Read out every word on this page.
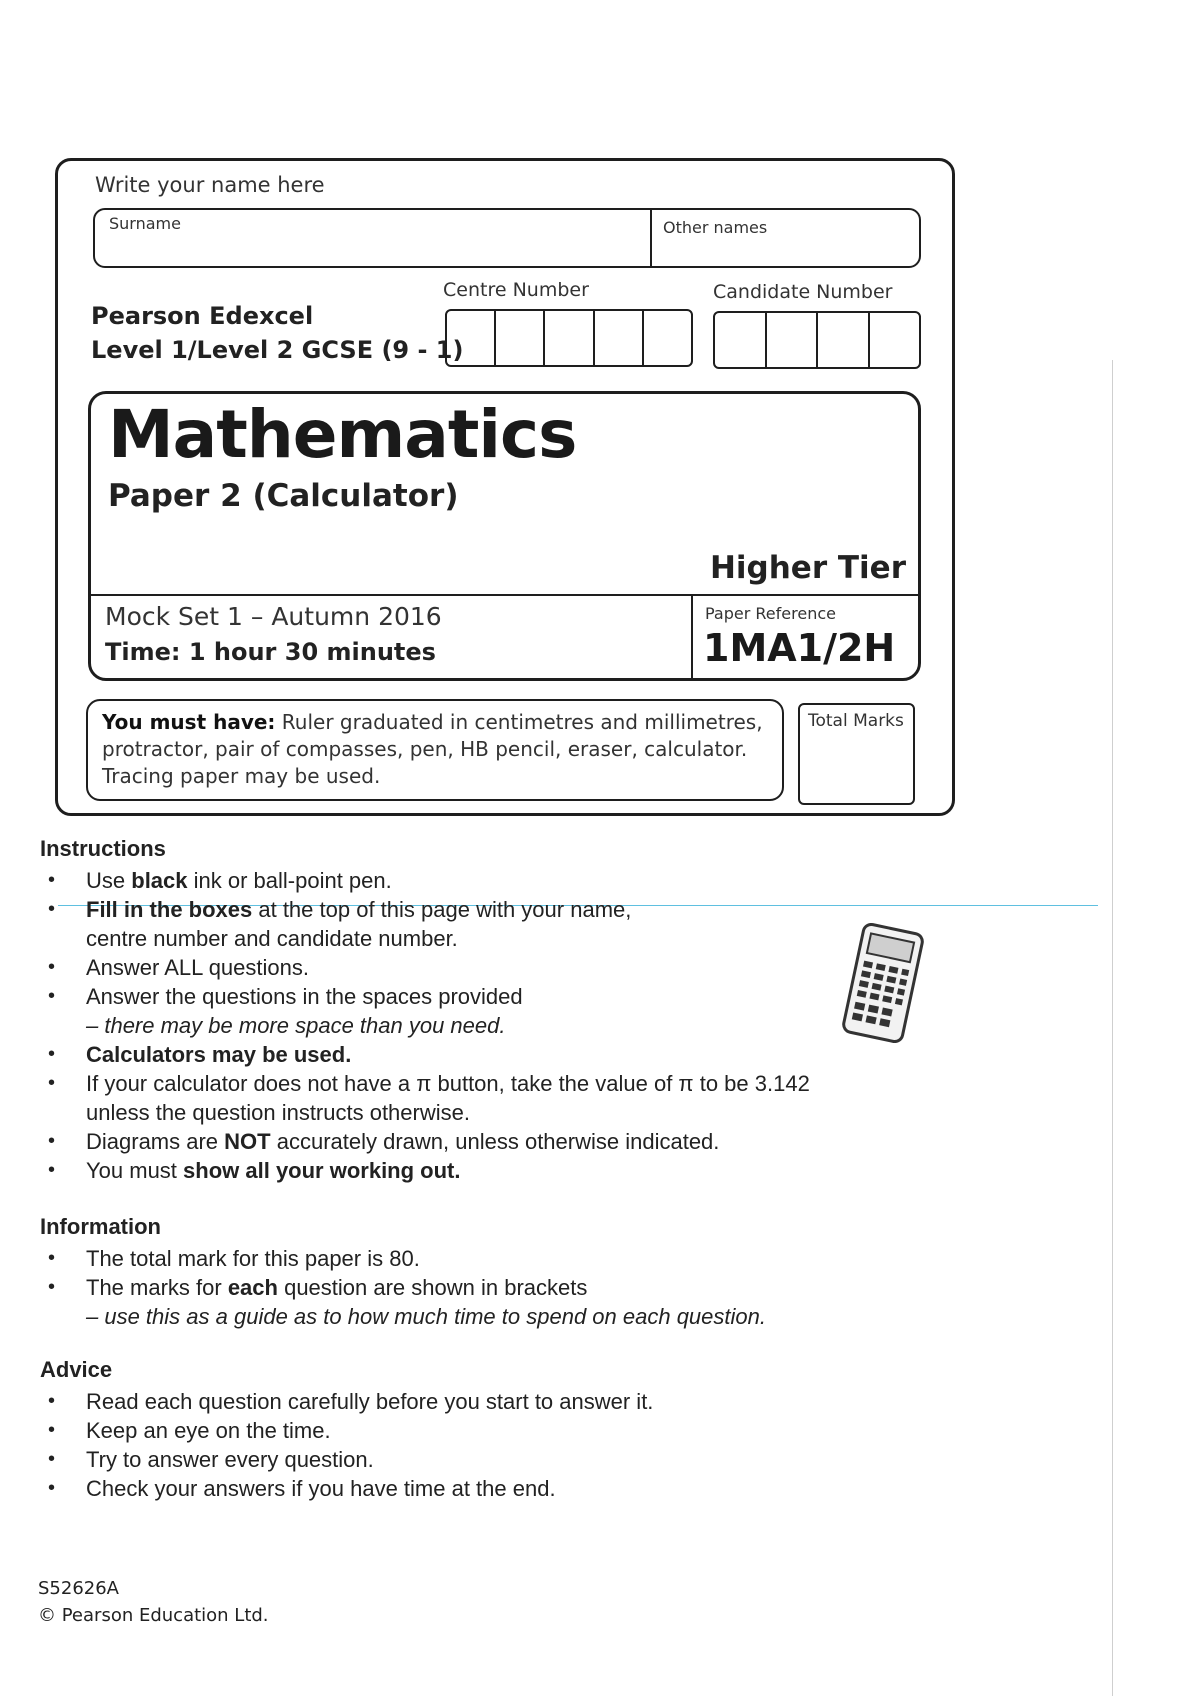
Write your name here
Surname	Other names
Pearson Edexcel
Level 1/Level 2 GCSE (9 - 1)
Centre Number	Candidate Number
Mathematics
Paper 2 (Calculator)
Higher Tier
Mock Set 1 – Autumn 2016
Time: 1 hour 30 minutes
Paper Reference
1MA1/2H
You must have: Ruler graduated in centimetres and millimetres, protractor, pair of compasses, pen, HB pencil, eraser, calculator. Tracing paper may be used.
Total Marks
Instructions
• Use black ink or ball-point pen.
• Fill in the boxes at the top of this page with your name,
centre number and candidate number.
• Answer ALL questions.
• Answer the questions in the spaces provided
– there may be more space than you need.
• Calculators may be used.
• If your calculator does not have a π button, take the value of π to be 3.142
unless the question instructs otherwise.
• Diagrams are NOT accurately drawn, unless otherwise indicated.
• You must show all your working out.
Information
• The total mark for this paper is 80.
• The marks for each question are shown in brackets
– use this as a guide as to how much time to spend on each question.
Advice
• Read each question carefully before you start to answer it.
• Keep an eye on the time.
• Try to answer every question.
• Check your answers if you have time at the end.
S52626A
© Pearson Education Ltd.
